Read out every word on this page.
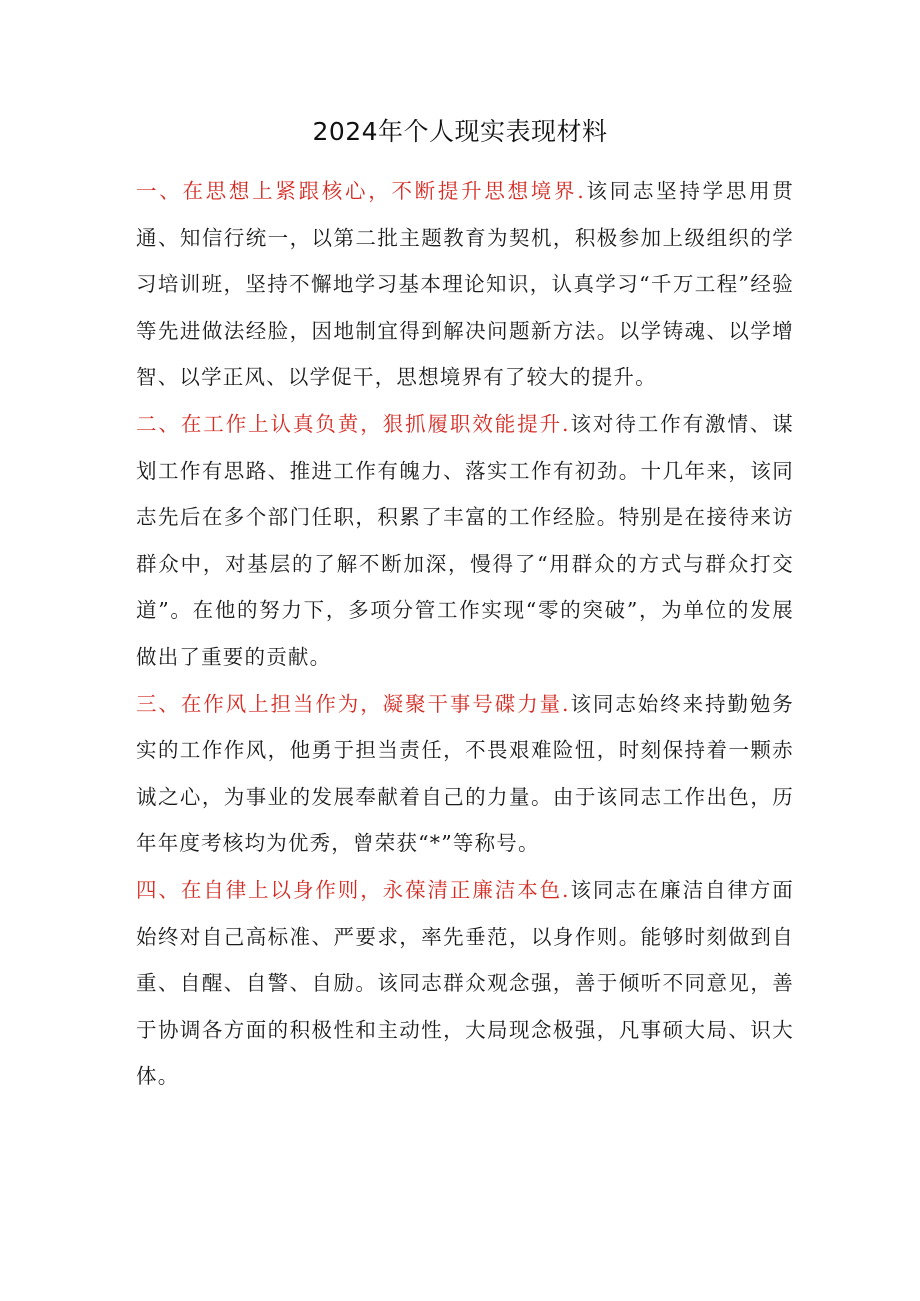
2024年个人现实表现材料

一、在思想上紧跟核心，不断提升思想境界.该同志坚持学思用贯通、知信行统一，以第二批主题教育为契机，积极参加上级组织的学习培训班，坚持不懈地学习基本理论知识，认真学习“千万工程”经验等先进做法经脸，因地制宜得到解决问题新方法。以学铸魂、以学增智、以学正风、以学促干，思想境界有了较大的提升。

二、在工作上认真负黄，狠抓履职效能提升.该对待工作有激情、谋划工作有思路、推进工作有魄力、落实工作有初劲。十几年来，该同志先后在多个部门任职，积累了丰富的工作经脸。特别是在接待来访群众中，对基层的了解不断加深，慢得了“用群众的方式与群众打交道”。在他的努力下，多项分管工作实现“零的突破”，为单位的发展做出了重要的贡献。

三、在作风上担当作为，凝聚干事号碟力量.该同志始终来持勤勉务实的工作作风，他勇于担当责任，不畏艰难险忸，时刻保持着一颗赤诚之心，为事业的发展奉献着自己的力量。由于该同志工作出色，历年年度考核均为优秀，曾荣获“*”等称号。

四、在自律上以身作则，永葆清正廉洁本色.该同志在廉洁自律方面始终对自己高标准、严要求，率先垂范，以身作则。能够时刻做到自重、自醒、自警、自励。该同志群众观念强，善于倾听不同意见，善于协调各方面的积极性和主动性，大局现念极强，凡事硕大局、识大体。
